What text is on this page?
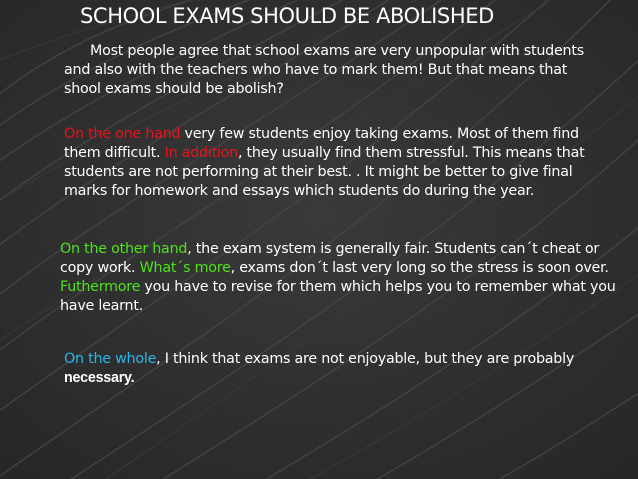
SCHOOL EXAMS SHOULD BE ABOLISHED

Most people agree that school exams are very unpopular with students and also with the teachers who have to mark them! But that means that shool exams should be abolish?

On the one hand very few students enjoy taking exams. Most of them find them difficult. In addition, they usually find them stressful. This means that students are not performing at their best. . It might be better to give final marks for homework and essays which students do during the year.

On the other hand, the exam system is generally fair. Students can´t cheat or copy work. What´s more, exams don´t last very long so the stress is soon over. Futhermore you have to revise for them which helps you to remember what you have learnt.

On the whole, I think that exams are not enjoyable, but they are probably necessary.
